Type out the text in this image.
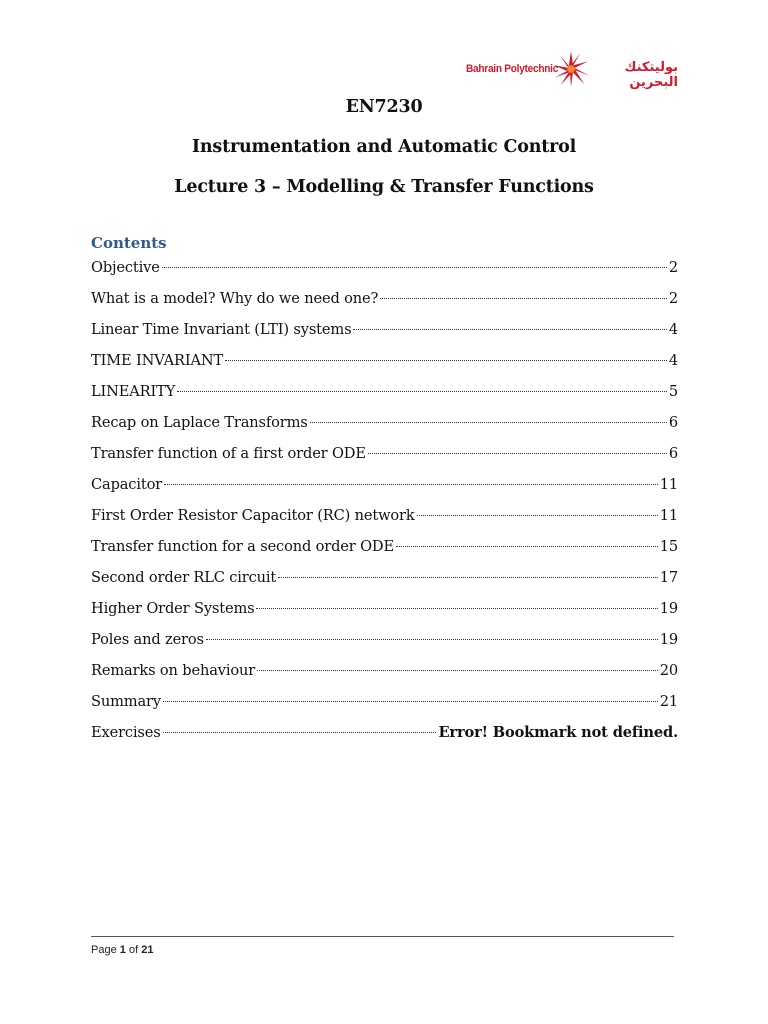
Bahrain Polytechnic	بوليتكنك البحرين
EN7230
Instrumentation and Automatic Control
Lecture 3 – Modelling & Transfer Functions
Contents
Objective	2
What is a model? Why do we need one?	2
Linear Time Invariant (LTI) systems	4
TIME INVARIANT	4
LINEARITY	5
Recap on Laplace Transforms	6
Transfer function of a first order ODE	6
Capacitor	11
First Order Resistor Capacitor (RC) network	11
Transfer function for a second order ODE	15
Second order RLC circuit	17
Higher Order Systems	19
Poles and zeros	19
Remarks on behaviour	20
Summary	21
Exercises	Error! Bookmark not defined.
Page 1 of 21
